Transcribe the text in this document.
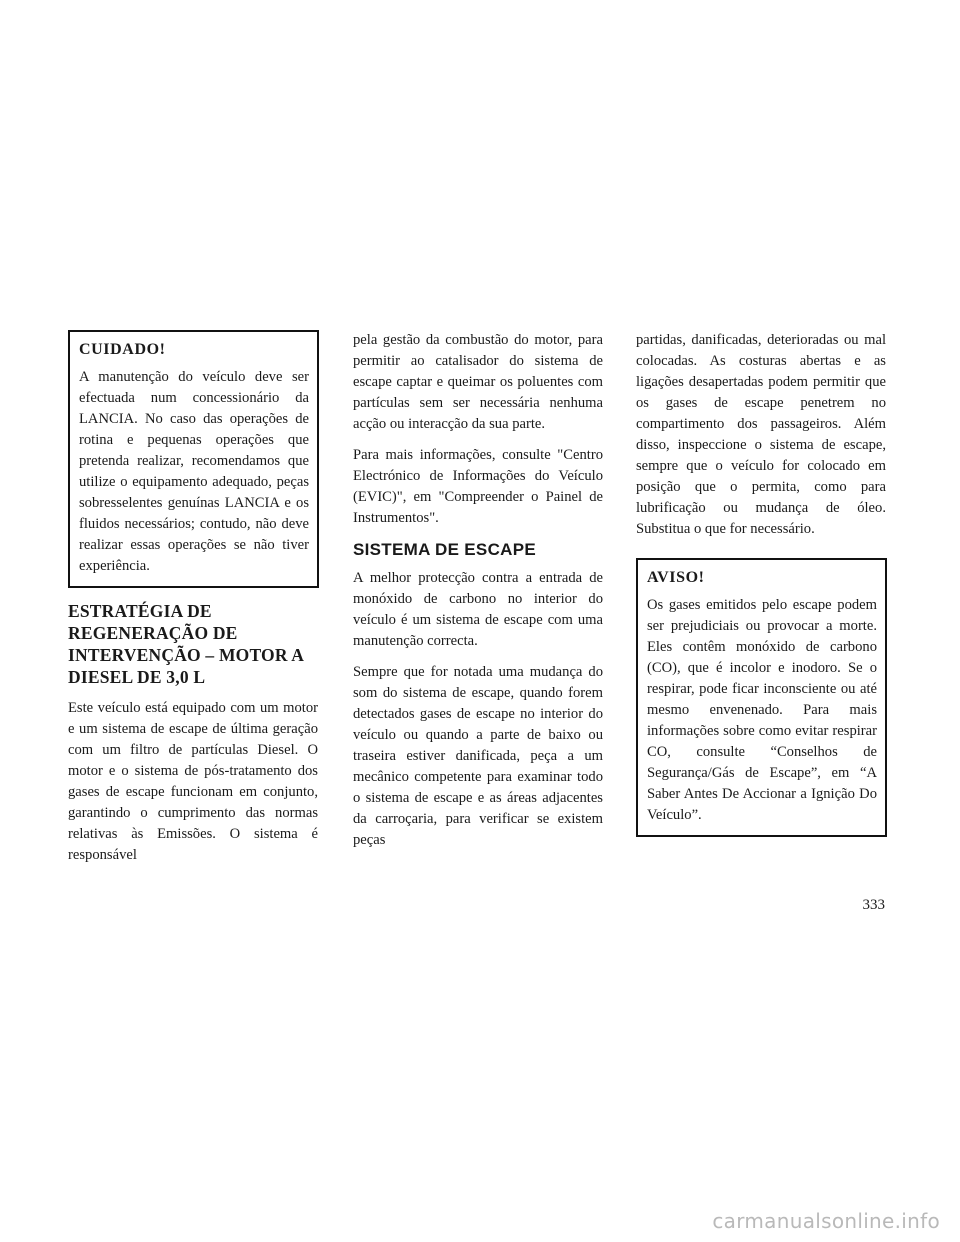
CUIDADO!

A manutenção do veículo deve ser efectuada num concessionário da LANCIA. No caso das operações de rotina e pequenas operações que pretenda realizar, recomendamos que utilize o equipamento adequado, peças sobresselentes genuínas LANCIA e os fluidos necessários; contudo, não deve realizar essas operações se não tiver experiência.

ESTRATÉGIA DE REGENERAÇÃO DE INTERVENÇÃO – MOTOR A DIESEL DE 3,0 L

Este veículo está equipado com um motor e um sistema de escape de última geração com um filtro de partículas Diesel. O motor e o sistema de pós-tratamento dos gases de escape funcionam em conjunto, garantindo o cumprimento das normas relativas às Emissões. O sistema é responsável

pela gestão da combustão do motor, para permitir ao catalisador do sistema de escape captar e queimar os poluentes com partículas sem ser necessária nenhuma acção ou interacção da sua parte.

Para mais informações, consulte "Centro Electrónico de Informações do Veículo (EVIC)", em "Compreender o Painel de Instrumentos".

SISTEMA DE ESCAPE

A melhor protecção contra a entrada de monóxido de carbono no interior do veículo é um sistema de escape com uma manutenção correcta.

Sempre que for notada uma mudança do som do sistema de escape, quando forem detectados gases de escape no interior do veículo ou quando a parte de baixo ou traseira estiver danificada, peça a um mecânico competente para examinar todo o sistema de escape e as áreas adjacentes da carroçaria, para verificar se existem peças

partidas, danificadas, deterioradas ou mal colocadas. As costuras abertas e as ligações desapertadas podem permitir que os gases de escape penetrem no compartimento dos passageiros. Além disso, inspeccione o sistema de escape, sempre que o veículo for colocado em posição que o permita, como para lubrificação ou mudança de óleo. Substitua o que for necessário.

AVISO!

Os gases emitidos pelo escape podem ser prejudiciais ou provocar a morte. Eles contêm monóxido de carbono (CO), que é incolor e inodoro. Se o respirar, pode ficar inconsciente ou até mesmo envenenado. Para mais informações sobre como evitar respirar CO, consulte “Conselhos de Segurança/Gás de Escape”, em “A Saber Antes De Accionar a Ignição Do Veículo”.

333
carmanualsonline.info
